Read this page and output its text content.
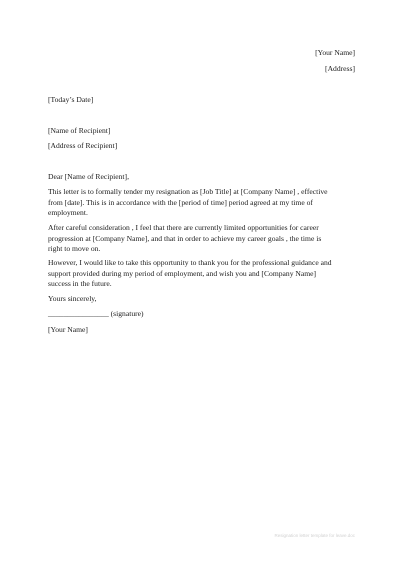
[Your Name]
[Address]
[Today’s Date]
[Name of Recipient]
[Address of Recipient]
Dear [Name of Recipient],
This letter is to formally tender my resignation as [Job Title] at [Company Name] , effective
from [date]. This is in accordance with the [period of time] period agreed at my time of
employment.
After careful consideration , I feel that there are currently limited opportunities for career
progression at [Company Name], and that in order to achieve my career goals , the time is
right to move on.
However, I would like to take this opportunity to thank you for the professional guidance and
support provided during my period of employment, and wish you and [Company Name]
success in the future.
Yours sincerely,
________________ (signature)
[Your Name]
Resignation letter template for leave.doc
